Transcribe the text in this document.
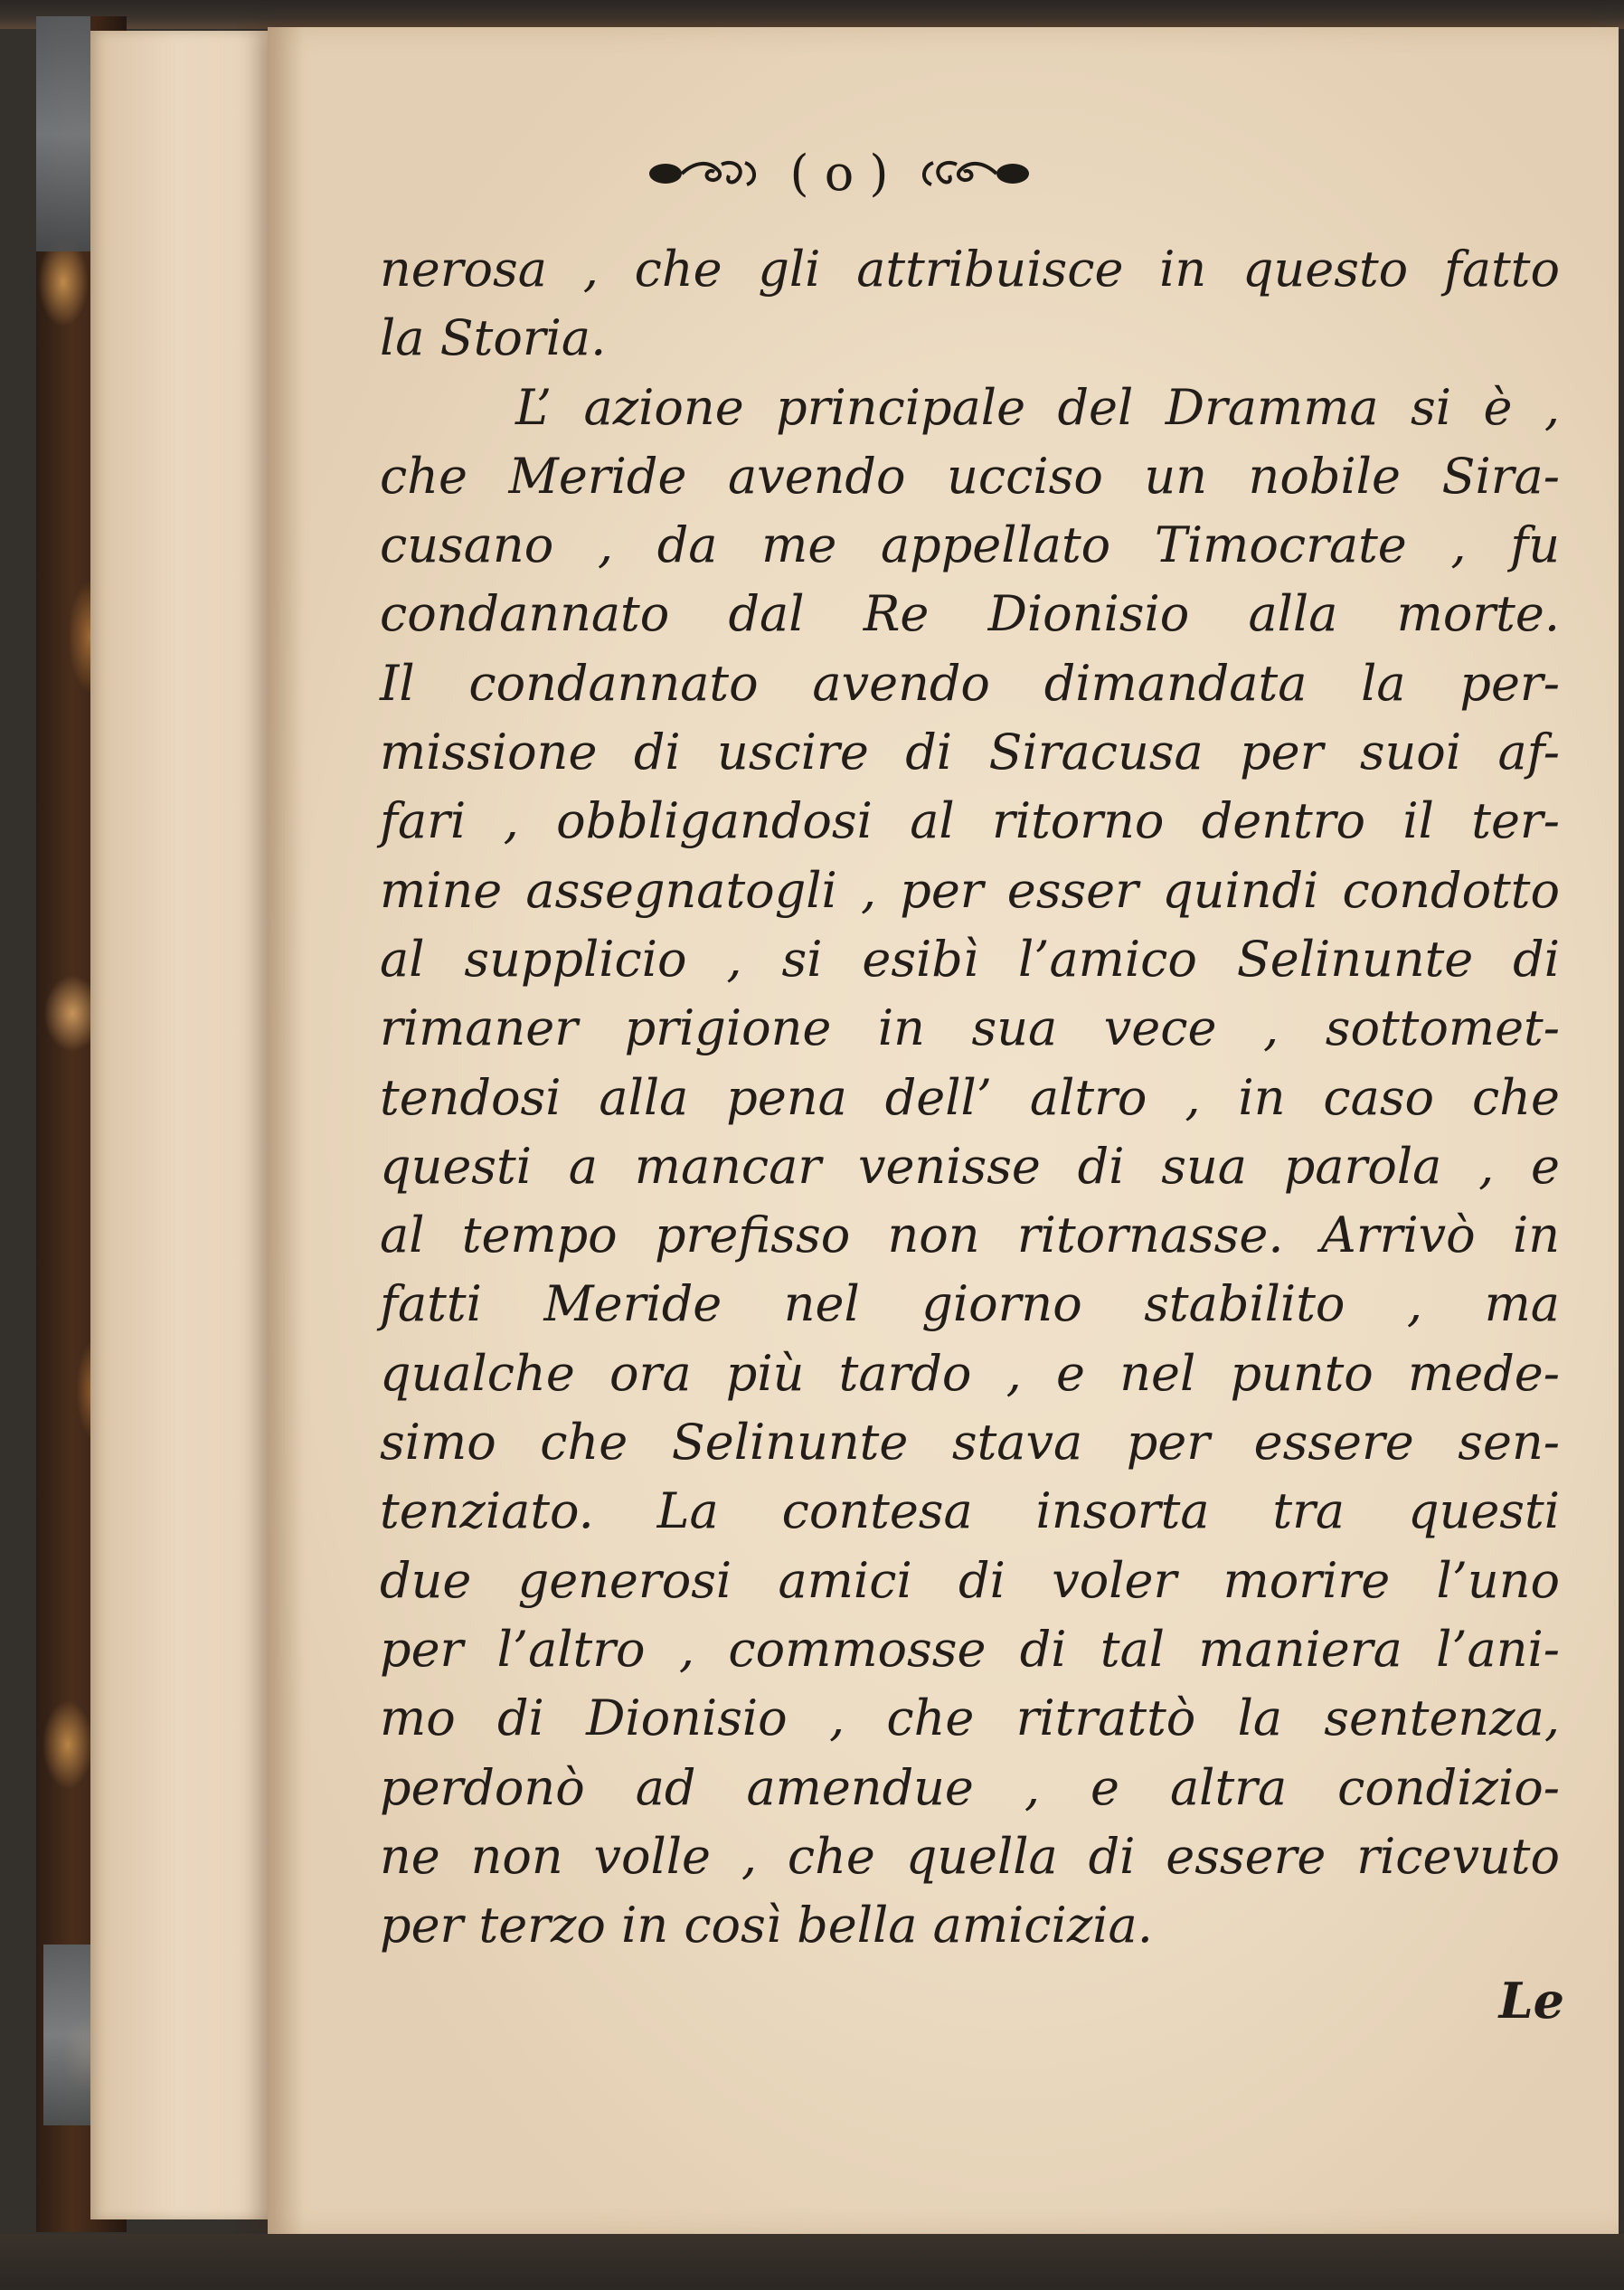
( o )
nerosa , che gli attribuisce in questo fatto
la Storia.
L’ azione principale del Dramma si è ,
che Meride avendo ucciso un nobile Sira-
cusano , da me appellato Timocrate , fu
condannato dal Re Dionisio alla morte.
Il condannato avendo dimandata la per-
missione di uscire di Siracusa per suoi af-
fari , obbligandosi al ritorno dentro il ter-
mine assegnatogli , per esser quindi condotto
al supplicio , si esibì l’amico Selinunte di
rimaner prigione in sua vece , sottomet-
tendosi alla pena dell’ altro , in caso che
questi a mancar venisse di sua parola , e
al tempo prefisso non ritornasse. Arrivò in
fatti Meride nel giorno stabilito , ma
qualche ora più tardo , e nel punto mede-
simo che Selinunte stava per essere sen-
tenziato. La contesa insorta tra questi
due generosi amici di voler morire l’uno
per l’altro , commosse di tal maniera l’ani-
mo di Dionisio , che ritrattò la sentenza,
perdonò ad amendue , e altra condizio-
ne non volle , che quella di essere ricevuto
per terzo in così bella amicizia.
Le
